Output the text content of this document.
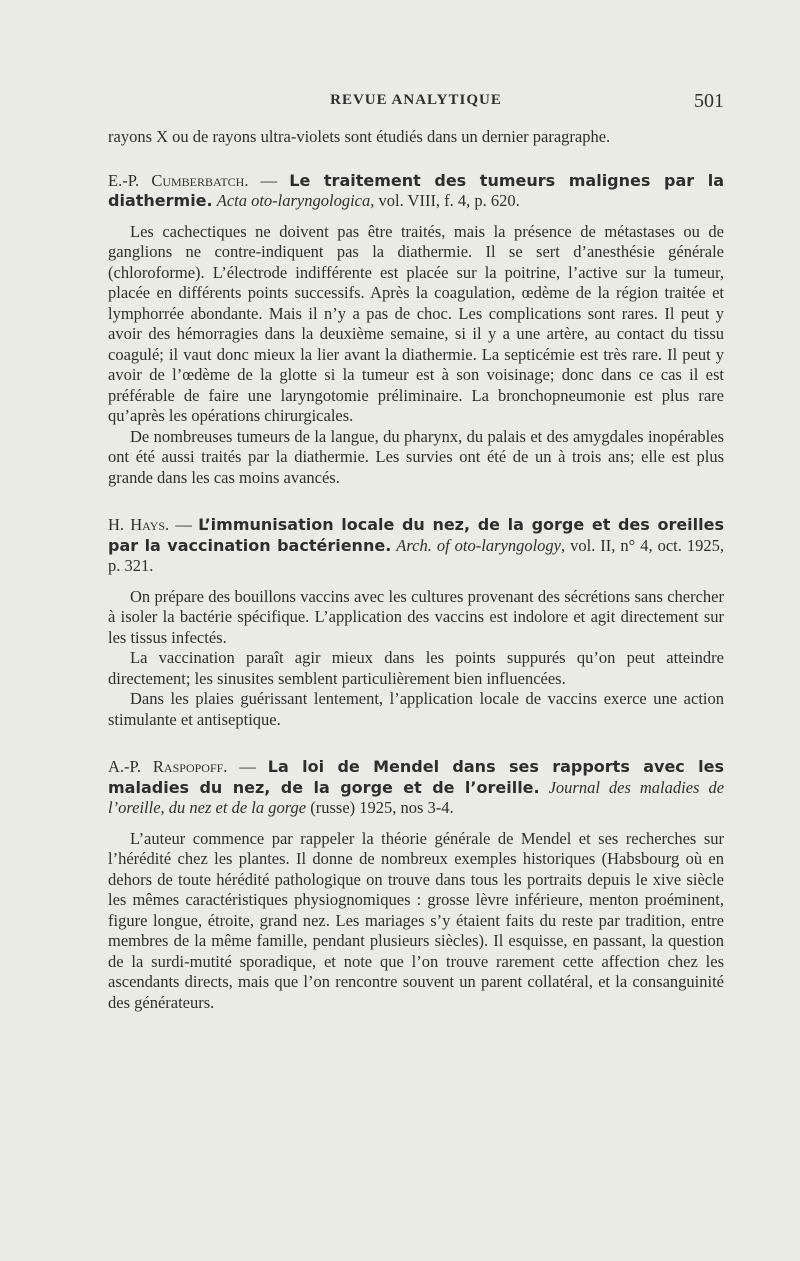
REVUE ANALYTIQUE	501

rayons X ou de rayons ultra-violets sont étudiés dans un dernier paragraphe.

E.-P. Cumberbatch. — Le traitement des tumeurs malignes par la diathermie. Acta oto-laryngologica, vol. VIII, f. 4, p. 620.

Les cachectiques ne doivent pas être traités, mais la présence de métastases ou de ganglions ne contre-indiquent pas la diathermie. Il se sert d’anesthésie générale (chloroforme). L’électrode indifférente est placée sur la poitrine, l’active sur la tumeur, placée en différents points successifs. Après la coagulation, œdème de la région traitée et lymphorrée abondante. Mais il n’y a pas de choc. Les complications sont rares. Il peut y avoir des hémorragies dans la deuxième semaine, si il y a une artère, au contact du tissu coagulé; il vaut donc mieux la lier avant la diathermie. La septicémie est très rare. Il peut y avoir de l’œdème de la glotte si la tumeur est à son voisinage; donc dans ce cas il est préférable de faire une laryngotomie préliminaire. La bronchopneumonie est plus rare qu’après les opérations chirurgicales.

De nombreuses tumeurs de la langue, du pharynx, du palais et des amygdales inopérables ont été aussi traités par la diathermie. Les survies ont été de un à trois ans; elle est plus grande dans les cas moins avancés.

H. Hays. — L’immunisation locale du nez, de la gorge et des oreilles par la vaccination bactérienne. Arch. of oto-laryngology, vol. II, n° 4, oct. 1925, p. 321.

On prépare des bouillons vaccins avec les cultures provenant des sécrétions sans chercher à isoler la bactérie spécifique. L’application des vaccins est indolore et agit directement sur les tissus infectés.

La vaccination paraît agir mieux dans les points suppurés qu’on peut atteindre directement; les sinusites semblent particulièrement bien influencées.

Dans les plaies guérissant lentement, l’application locale de vaccins exerce une action stimulante et antiseptique.

A.-P. Raspopoff. — La loi de Mendel dans ses rapports avec les maladies du nez, de la gorge et de l’oreille. Journal des maladies de l’oreille, du nez et de la gorge (russe) 1925, nos 3-4.

L’auteur commence par rappeler la théorie générale de Mendel et ses recherches sur l’hérédité chez les plantes. Il donne de nombreux exemples historiques (Habsbourg où en dehors de toute hérédité pathologique on trouve dans tous les portraits depuis le xive siècle les mêmes caractéristiques physiognomiques : grosse lèvre inférieure, menton proéminent, figure longue, étroite, grand nez. Les mariages s’y étaient faits du reste par tradition, entre membres de la même famille, pendant plusieurs siècles). Il esquisse, en passant, la question de la surdi-mutité sporadique, et note que l’on trouve rarement cette affection chez les ascendants directs, mais que l’on rencontre souvent un parent collatéral, et la consanguinité des générateurs.
